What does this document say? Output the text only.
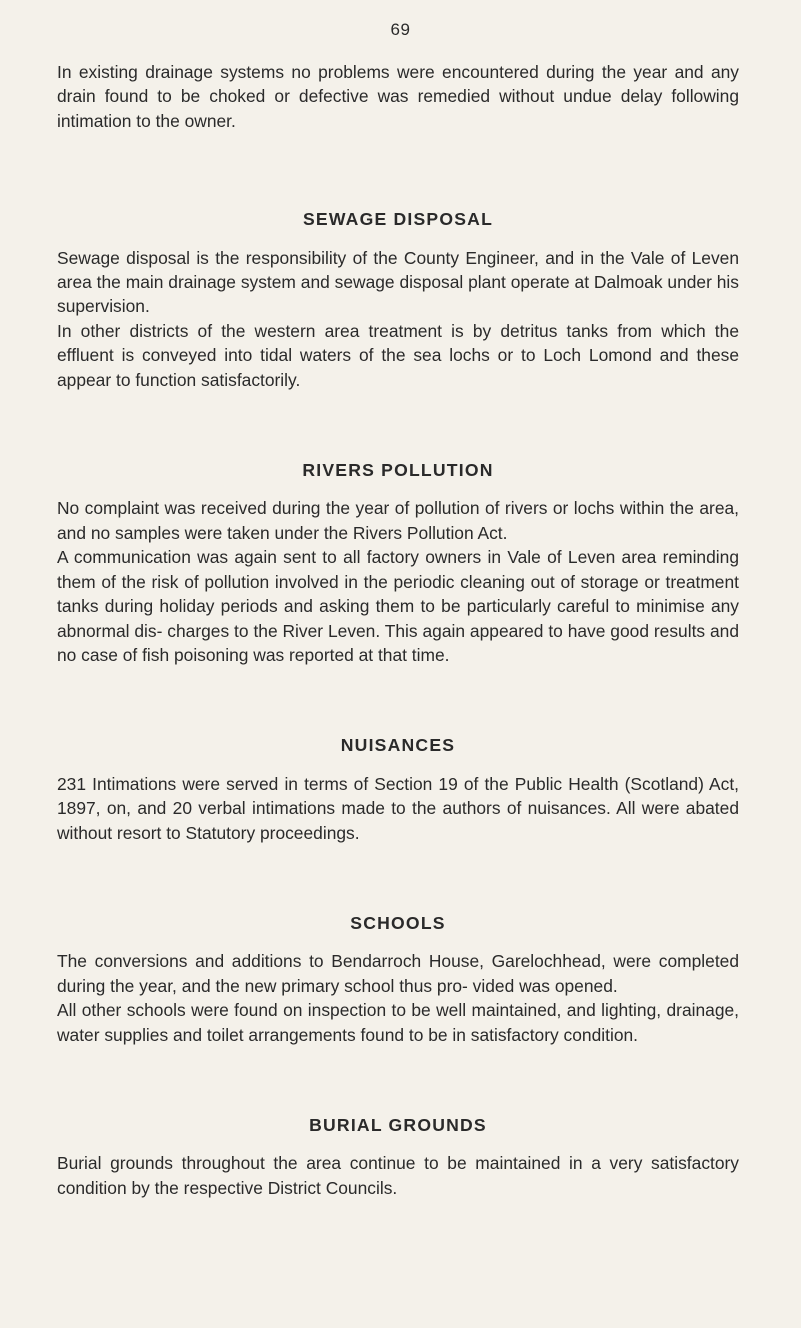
69

In existing drainage systems no problems were encountered during the year and any drain found to be choked or defective was remedied without undue delay following intimation to the owner.

SEWAGE DISPOSAL

Sewage disposal is the responsibility of the County Engineer, and in the Vale of Leven area the main drainage system and sewage disposal plant operate at Dalmoak under his supervision.

In other districts of the western area treatment is by detritus tanks from which the effluent is conveyed into tidal waters of the sea lochs or to Loch Lomond and these appear to function satisfactorily.

RIVERS POLLUTION

No complaint was received during the year of pollution of rivers or lochs within the area, and no samples were taken under the Rivers Pollution Act.

A communication was again sent to all factory owners in Vale of Leven area reminding them of the risk of pollution involved in the periodic cleaning out of storage or treatment tanks during holiday periods and asking them to be particularly careful to minimise any abnormal dis- charges to the River Leven. This again appeared to have good results and no case of fish poisoning was reported at that time.

NUISANCES

231 Intimations were served in terms of Section 19 of the Public Health (Scotland) Act, 1897, on, and 20 verbal intimations made to the authors of nuisances. All were abated without resort to Statutory proceedings.

SCHOOLS

The conversions and additions to Bendarroch House, Garelochhead, were completed during the year, and the new primary school thus pro- vided was opened.

All other schools were found on inspection to be well maintained, and lighting, drainage, water supplies and toilet arrangements found to be in satisfactory condition.

BURIAL GROUNDS

Burial grounds throughout the area continue to be maintained in a very satisfactory condition by the respective District Councils.
